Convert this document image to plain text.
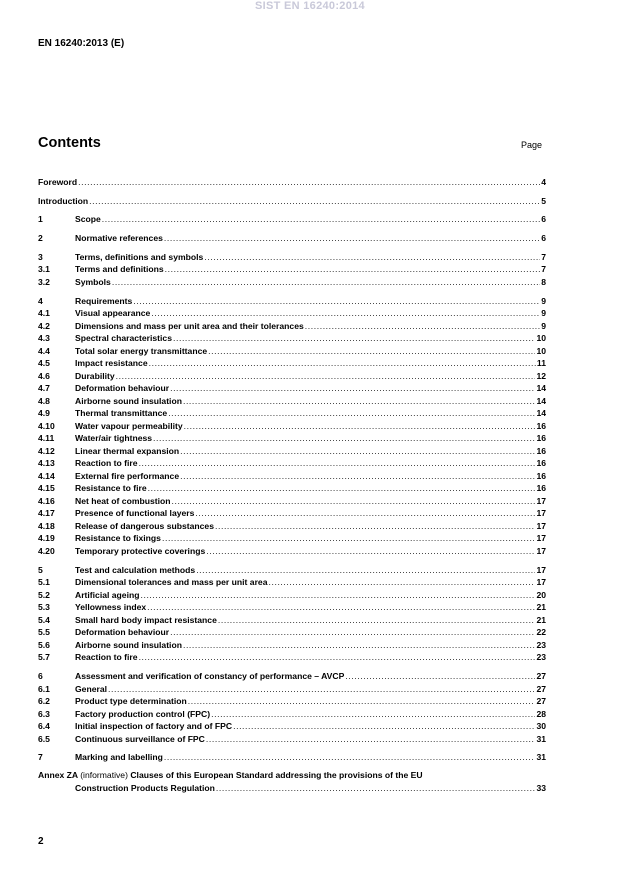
SIST EN 16240:2014
EN 16240:2013 (E)
Contents	Page
Foreword .....	4
Introduction .....	5
1	Scope .....	6
2	Normative references .....	6
3	Terms, definitions and symbols .....	7
3.1	Terms and definitions .....	7
3.2	Symbols .....	8
4	Requirements .....	9
4.1	Visual appearance .....	9
4.2	Dimensions and mass per unit area and their tolerances .....	9
4.3	Spectral characteristics .....	10
4.4	Total solar energy transmittance .....	10
4.5	Impact resistance .....	11
4.6	Durability .....	12
4.7	Deformation behaviour .....	14
4.8	Airborne sound insulation .....	14
4.9	Thermal transmittance .....	14
4.10	Water vapour permeability .....	16
4.11	Water/air tightness .....	16
4.12	Linear thermal expansion .....	16
4.13	Reaction to fire .....	16
4.14	External fire performance .....	16
4.15	Resistance to fire .....	16
4.16	Net heat of combustion .....	17
4.17	Presence of functional layers .....	17
4.18	Release of dangerous substances .....	17
4.19	Resistance to fixings .....	17
4.20	Temporary protective coverings .....	17
5	Test and calculation methods .....	17
5.1	Dimensional tolerances and mass per unit area .....	17
5.2	Artificial ageing .....	20
5.3	Yellowness index .....	21
5.4	Small hard body impact resistance .....	21
5.5	Deformation behaviour .....	22
5.6	Airborne sound insulation .....	23
5.7	Reaction to fire .....	23
6	Assessment and verification of constancy of performance – AVCP .....	27
6.1	General .....	27
6.2	Product type determination .....	27
6.3	Factory production control (FPC) .....	28
6.4	Initial inspection of factory and of FPC .....	30
6.5	Continuous surveillance of FPC .....	31
7	Marking and labelling .....	31
Annex ZA (informative) Clauses of this European Standard addressing the provisions of the EU
Construction Products Regulation .....	33
2
